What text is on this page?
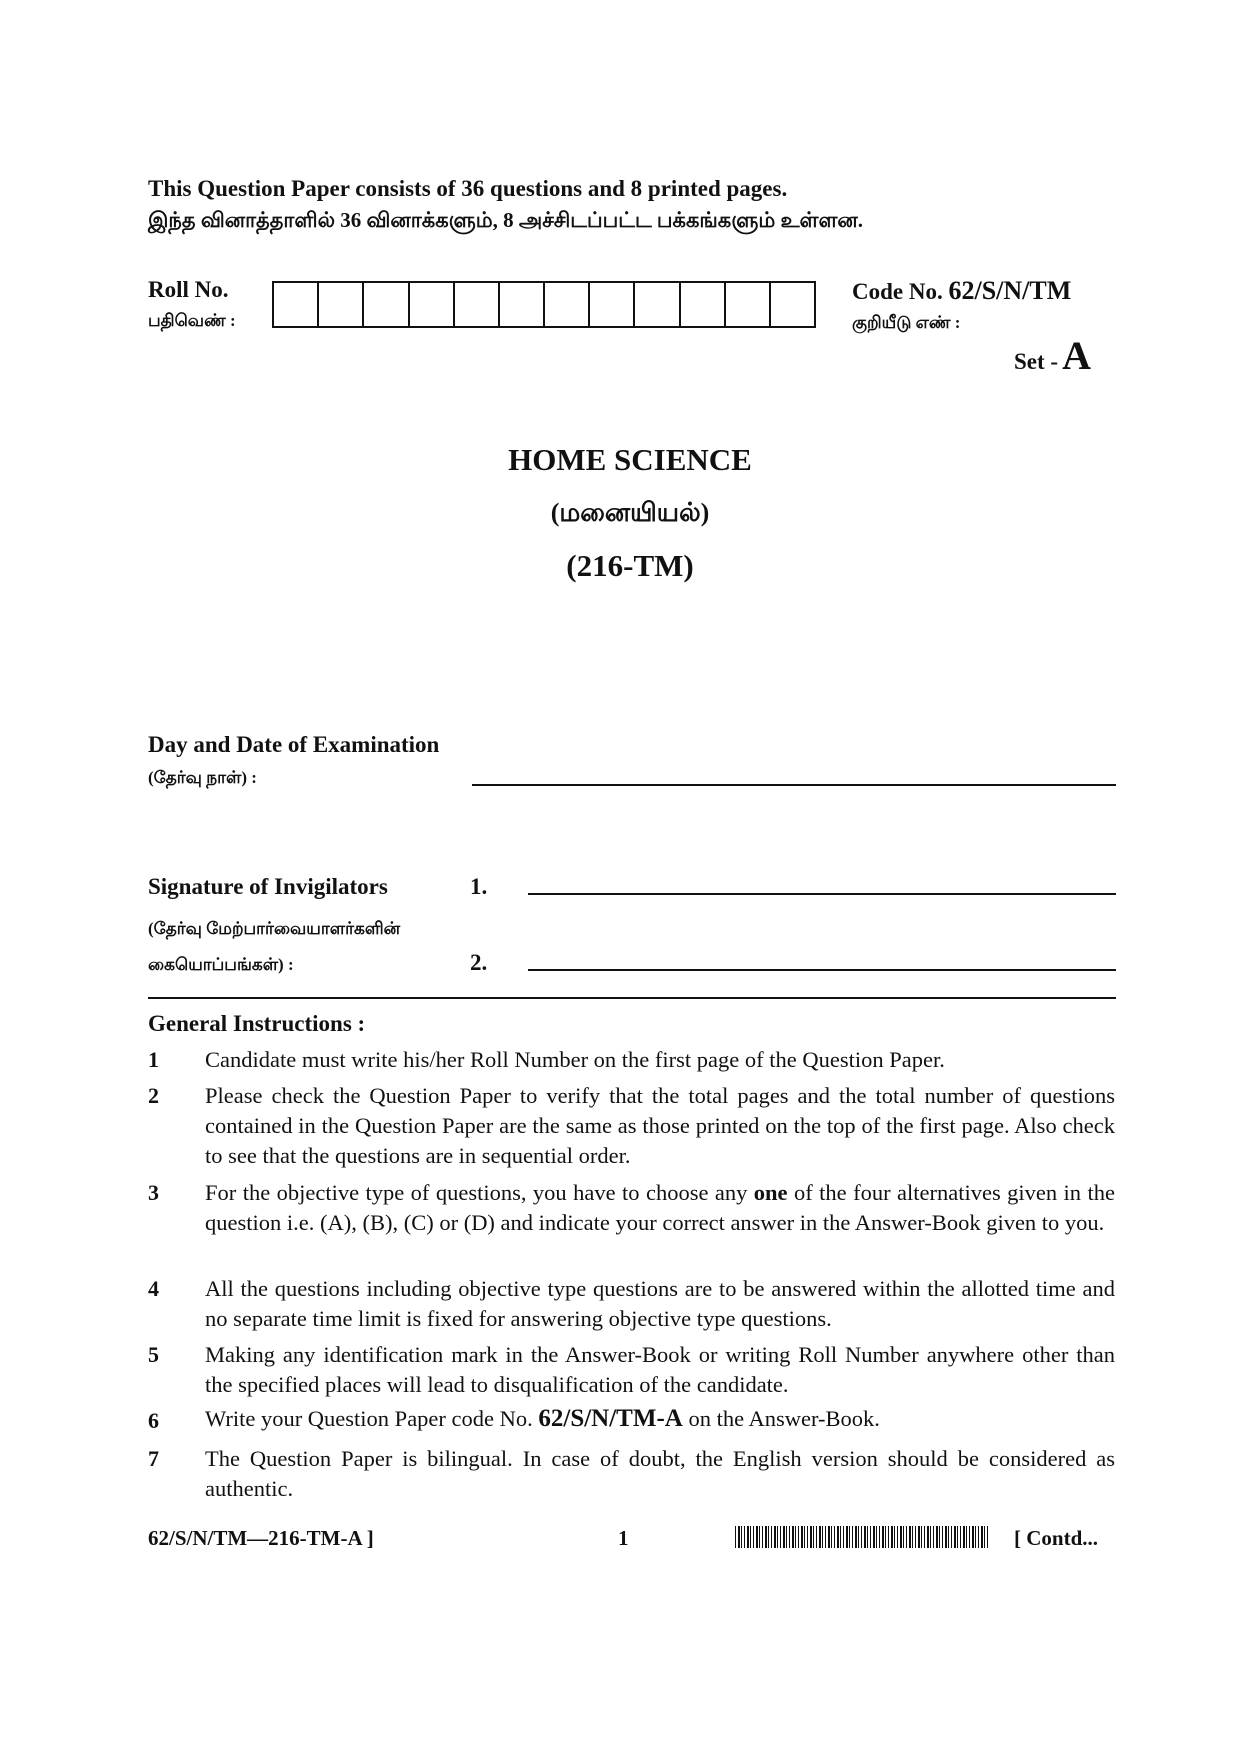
This Question Paper consists of 36 questions and 8 printed pages.
இந்த வினாத்தாளில் 36 வினாக்களும், 8 அச்சிடப்பட்ட பக்கங்களும் உள்ளன.
Roll No.
பதிவெண் :
Code No. 62/S/N/TM
குறியீடு எண் :
Set - A
HOME SCIENCE
(மனையியல்)
(216-TM)
Day and Date of Examination
(தேர்வு நாள்) :
Signature of Invigilators	1.
(தேர்வு மேற்பார்வையாளர்களின்
கையொப்பங்கள்) :	2.
General Instructions :
1 Candidate must write his/her Roll Number on the first page of the Question Paper.
2 Please check the Question Paper to verify that the total pages and the total number of questions contained in the Question Paper are the same as those printed on the top of the first page. Also check to see that the questions are in sequential order.
3 For the objective type of questions, you have to choose any one of the four alternatives given in the question i.e. (A), (B), (C) or (D) and indicate your correct answer in the Answer-Book given to you.
4 All the questions including objective type questions are to be answered within the allotted time and no separate time limit is fixed for answering objective type questions.
5 Making any identification mark in the Answer-Book or writing Roll Number anywhere other than the specified places will lead to disqualification of the candidate.
6 Write your Question Paper code No. 62/S/N/TM-A on the Answer-Book.
7 The Question Paper is bilingual. In case of doubt, the English version should be considered as authentic.
62/S/N/TM—216-TM-A ]	1	[ Contd...
